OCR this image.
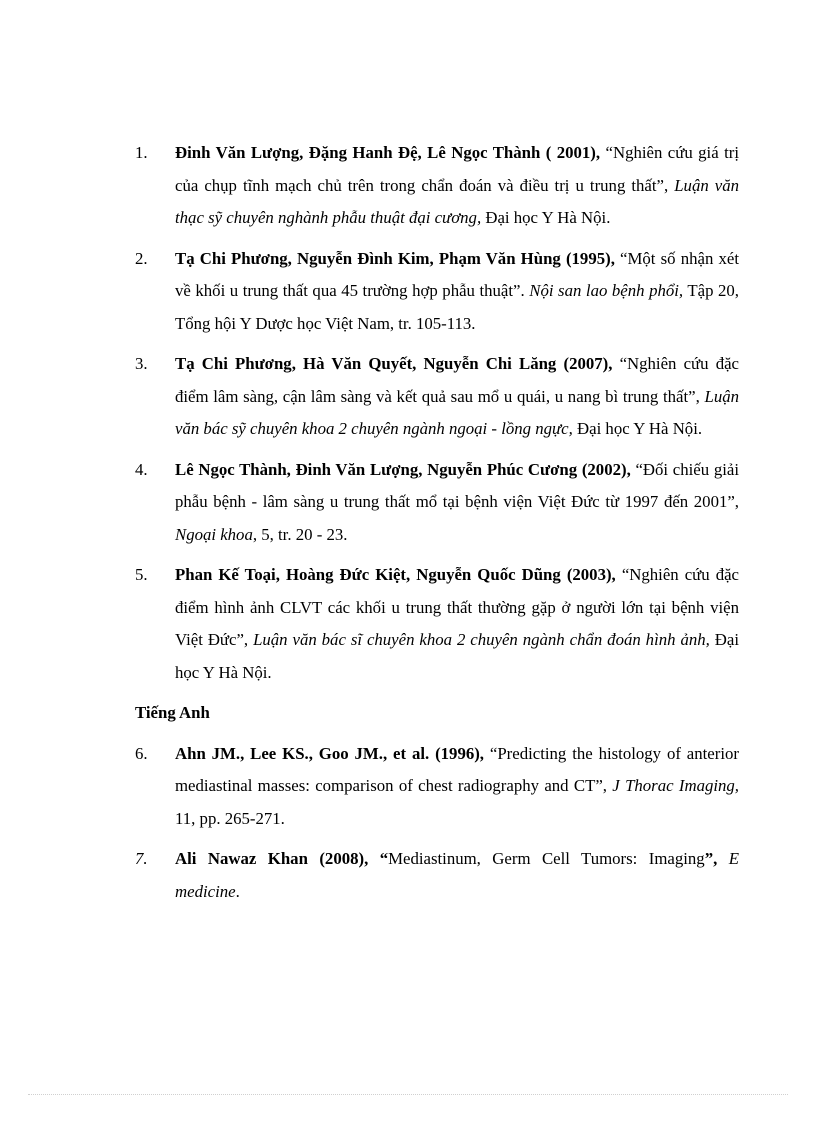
1.	Đinh Văn Lượng, Đặng Hanh Đệ, Lê Ngọc Thành ( 2001), “Nghiên cứu giá trị của chụp tĩnh mạch chủ trên trong chẩn đoán và điều trị u trung thất”, Luận văn thạc sỹ chuyên nghành phẫu thuật đại cương, Đại học Y Hà Nội.
2.	Tạ Chi Phương, Nguyễn Đình Kim, Phạm Văn Hùng (1995), “Một số nhận xét về khối u trung thất qua 45 trường hợp phẫu thuật”. Nội san lao bệnh phổi, Tập 20, Tổng hội Y Dược học Việt Nam, tr. 105-113.
3.	Tạ Chi Phương, Hà Văn Quyết, Nguyễn Chi Lăng (2007), “Nghiên cứu đặc điểm lâm sàng, cận lâm sàng và kết quả sau mổ u quái, u nang bì trung thất”, Luận văn bác sỹ chuyên khoa 2 chuyên ngành ngoại - lồng ngực, Đại học Y Hà Nội.
4.	Lê Ngọc Thành, Đinh Văn Lượng, Nguyễn Phúc Cương (2002), “Đối chiếu giải phẫu bệnh - lâm sàng u trung thất mổ tại bệnh viện Việt Đức từ 1997 đến 2001”, Ngoại khoa, 5, tr. 20 - 23.
5.	Phan Kế Toại, Hoàng Đức Kiệt, Nguyễn Quốc Dũng (2003), “Nghiên cứu đặc điểm hình ảnh CLVT các khối u trung thất thường gặp ở người lớn tại bệnh viện Việt Đức”, Luận văn bác sĩ chuyên khoa 2 chuyên ngành chẩn đoán hình ảnh, Đại học Y Hà Nội.
Tiếng Anh
6.	Ahn JM., Lee KS., Goo JM., et al. (1996), “Predicting the histology of anterior mediastinal masses: comparison of chest radiography and CT”, J Thorac Imaging, 11, pp. 265-271.
7.	Ali Nawaz Khan (2008), “Mediastinum, Germ Cell Tumors: Imaging”, E medicine.
